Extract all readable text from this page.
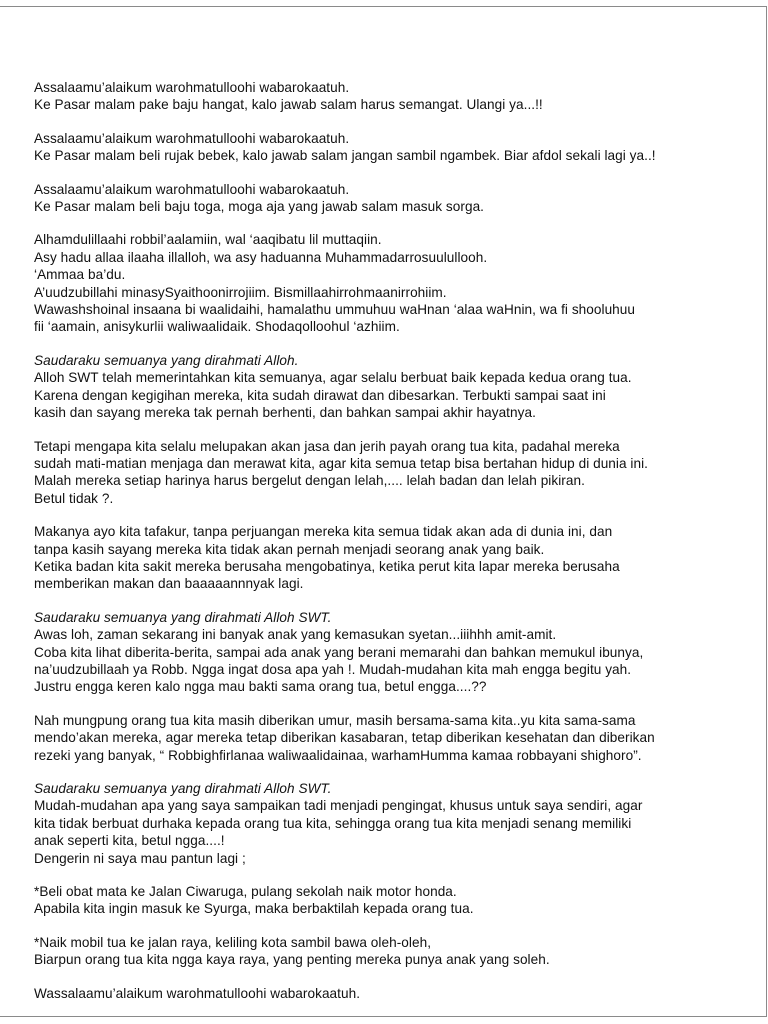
Assalaamu’alaikum warohmatulloohi wabarokaatuh.
Ke Pasar malam pake baju hangat, kalo jawab salam harus semangat. Ulangi ya...!!
Assalaamu’alaikum warohmatulloohi wabarokaatuh.
Ke Pasar malam beli rujak bebek, kalo jawab salam jangan sambil ngambek. Biar afdol sekali lagi ya..!
Assalaamu’alaikum warohmatulloohi wabarokaatuh.
Ke Pasar malam beli baju toga, moga aja yang jawab salam masuk sorga.
Alhamdulillaahi robbil’aalamiin, wal ‘aaqibatu lil muttaqiin.
Asy hadu allaa ilaaha illalloh, wa asy haduanna Muhammadarrosuulullooh.
‘Ammaa ba’du.
A’uudzubillahi minasySyaithoonirrojiim. Bismillaahirrohmaanirrohiim.
Wawashshoinal insaana bi waalidaihi, hamalathu ummuhuu waHnan ‘alaa waHnin, wa fi shooluhuu
fii ‘aamain, anisykurlii waliwaalidaik. Shodaqolloohul ‘azhiim.
Saudaraku semuanya yang dirahmati Alloh.
Alloh SWT telah memerintahkan kita semuanya, agar selalu berbuat baik kepada kedua orang tua.
Karena dengan kegigihan mereka, kita sudah dirawat dan dibesarkan. Terbukti sampai saat ini
kasih dan sayang mereka tak pernah berhenti, dan bahkan sampai akhir hayatnya.
Tetapi mengapa kita selalu melupakan akan jasa dan jerih payah orang tua kita, padahal mereka
sudah mati-matian menjaga dan merawat kita, agar kita semua tetap bisa bertahan hidup di dunia ini.
Malah mereka setiap harinya harus bergelut dengan lelah,.... lelah badan dan lelah pikiran.
Betul tidak ?.
Makanya ayo kita tafakur, tanpa perjuangan mereka kita semua tidak akan ada di dunia ini, dan
tanpa kasih sayang mereka kita tidak akan pernah menjadi seorang anak yang baik.
Ketika badan kita sakit mereka berusaha mengobatinya, ketika perut kita lapar mereka berusaha
memberikan makan dan baaaaannnyak lagi.
Saudaraku semuanya yang dirahmati Alloh SWT.
Awas loh, zaman sekarang ini banyak anak yang kemasukan syetan...iiihhh amit-amit.
Coba kita lihat diberita-berita, sampai ada anak yang berani memarahi dan bahkan memukul ibunya,
na’uudzubillaah ya Robb. Ngga ingat dosa apa yah !. Mudah-mudahan kita mah engga begitu yah.
Justru engga keren kalo ngga mau bakti sama orang tua, betul engga....??
Nah mungpung orang tua kita masih diberikan umur, masih bersama-sama kita..yu kita sama-sama
mendo’akan mereka, agar mereka tetap diberikan kasabaran, tetap diberikan kesehatan dan diberikan
rezeki yang banyak, “ Robbighfirlanaa waliwaalidainaa, warhamHumma kamaa robbayani shighoro”.
Saudaraku semuanya yang dirahmati Alloh SWT.
Mudah-mudahan apa yang saya sampaikan tadi menjadi pengingat, khusus untuk saya sendiri, agar
kita tidak berbuat durhaka kepada orang tua kita, sehingga orang tua kita menjadi senang memiliki
anak seperti kita, betul ngga....!
Dengerin ni saya mau pantun lagi ;
*Beli obat mata ke Jalan Ciwaruga, pulang sekolah naik motor honda.
Apabila kita ingin masuk ke Syurga, maka berbaktilah kepada orang tua.
*Naik mobil tua ke jalan raya, keliling kota sambil bawa oleh-oleh,
Biarpun orang tua kita ngga kaya raya, yang penting mereka punya anak yang soleh.
Wassalaamu’alaikum warohmatulloohi wabarokaatuh.
